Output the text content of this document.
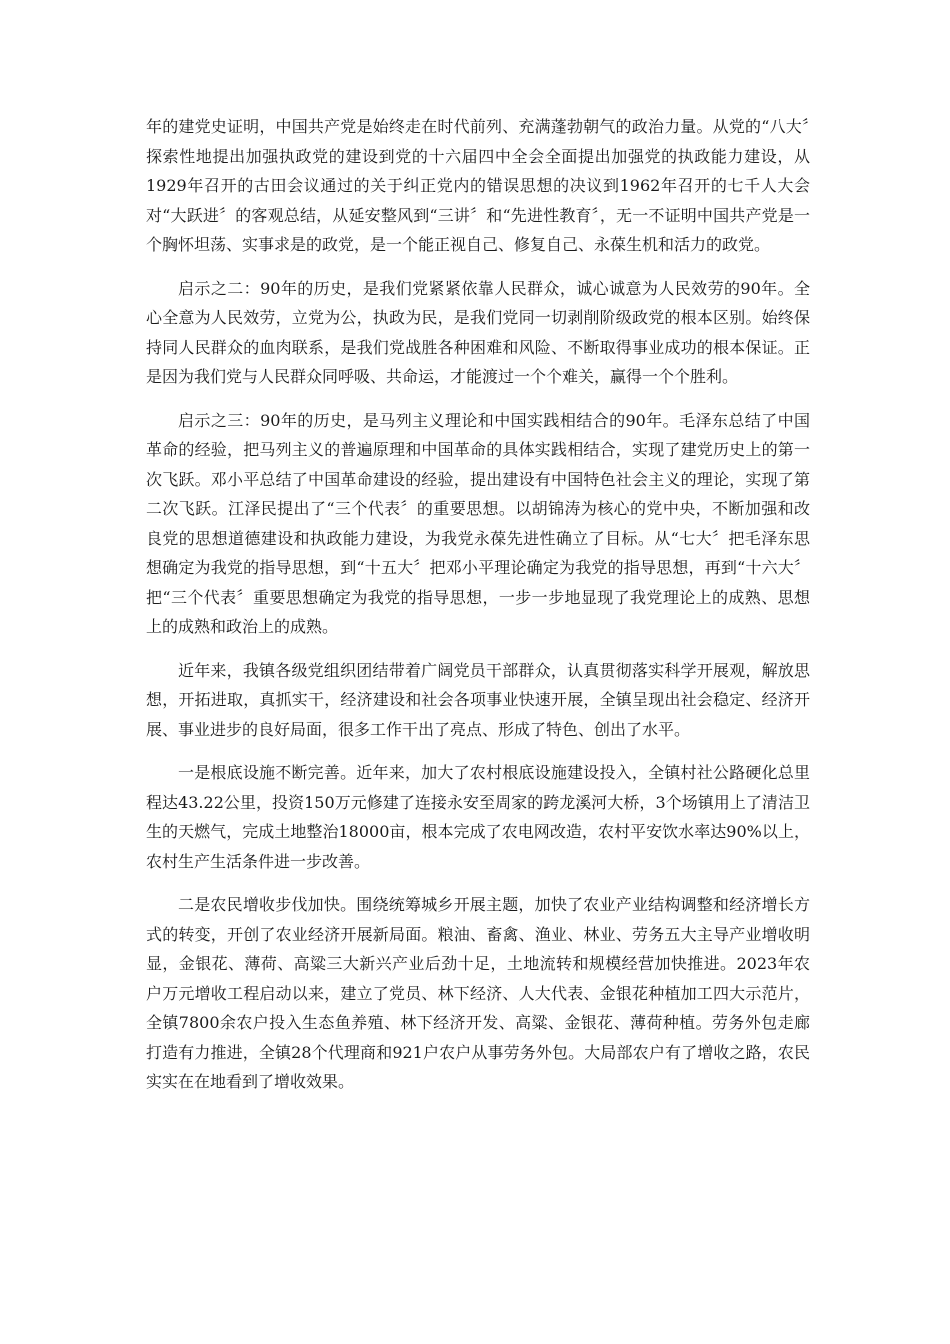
年的建党史证明，中国共产党是始终走在时代前列、充满蓬勃朝气的政治力量。从党的“八大〞探索性地提出加强执政党的建设到党的十六届四中全会全面提出加强党的执政能力建设，从1929年召开的古田会议通过的关于纠正党内的错误思想的决议到1962年召开的七千人大会对“大跃进〞的客观总结，从延安整风到“三讲〞和“先进性教育〞，无一不证明中国共产党是一个胸怀坦荡、实事求是的政党，是一个能正视自己、修复自己、永葆生机和活力的政党。

启示之二：90年的历史，是我们党紧紧依靠人民群众，诚心诚意为人民效劳的90年。全心全意为人民效劳，立党为公，执政为民，是我们党同一切剥削阶级政党的根本区别。始终保持同人民群众的血肉联系，是我们党战胜各种困难和风险、不断取得事业成功的根本保证。正是因为我们党与人民群众同呼吸、共命运，才能渡过一个个难关，赢得一个个胜利。

启示之三：90年的历史，是马列主义理论和中国实践相结合的90年。毛泽东总结了中国革命的经验，把马列主义的普遍原理和中国革命的具体实践相结合，实现了建党历史上的第一次飞跃。邓小平总结了中国革命建设的经验，提出建设有中国特色社会主义的理论，实现了第二次飞跃。江泽民提出了“三个代表〞的重要思想。以胡锦涛为核心的党中央，不断加强和改良党的思想道德建设和执政能力建设，为我党永葆先进性确立了目标。从“七大〞把毛泽东思想确定为我党的指导思想，到“十五大〞把邓小平理论确定为我党的指导思想，再到“十六大〞把“三个代表〞重要思想确定为我党的指导思想，一步一步地显现了我党理论上的成熟、思想上的成熟和政治上的成熟。

近年来，我镇各级党组织团结带着广阔党员干部群众，认真贯彻落实科学开展观，解放思想，开拓进取，真抓实干，经济建设和社会各项事业快速开展，全镇呈现出社会稳定、经济开展、事业进步的良好局面，很多工作干出了亮点、形成了特色、创出了水平。

一是根底设施不断完善。近年来，加大了农村根底设施建设投入，全镇村社公路硬化总里程达43.22公里，投资150万元修建了连接永安至周家的跨龙溪河大桥，3个场镇用上了清洁卫生的天燃气，完成土地整治18000亩，根本完成了农电网改造，农村平安饮水率达90%以上，农村生产生活条件进一步改善。

二是农民增收步伐加快。围绕统筹城乡开展主题，加快了农业产业结构调整和经济增长方式的转变，开创了农业经济开展新局面。粮油、畜禽、渔业、林业、劳务五大主导产业增收明显，金银花、薄荷、高粱三大新兴产业后劲十足，土地流转和规模经营加快推进。2023年农户万元增收工程启动以来，建立了党员、林下经济、人大代表、金银花种植加工四大示范片，全镇7800余农户投入生态鱼养殖、林下经济开发、高粱、金银花、薄荷种植。劳务外包走廊打造有力推进，全镇28个代理商和921户农户从事劳务外包。大局部农户有了增收之路，农民实实在在地看到了增收效果。
